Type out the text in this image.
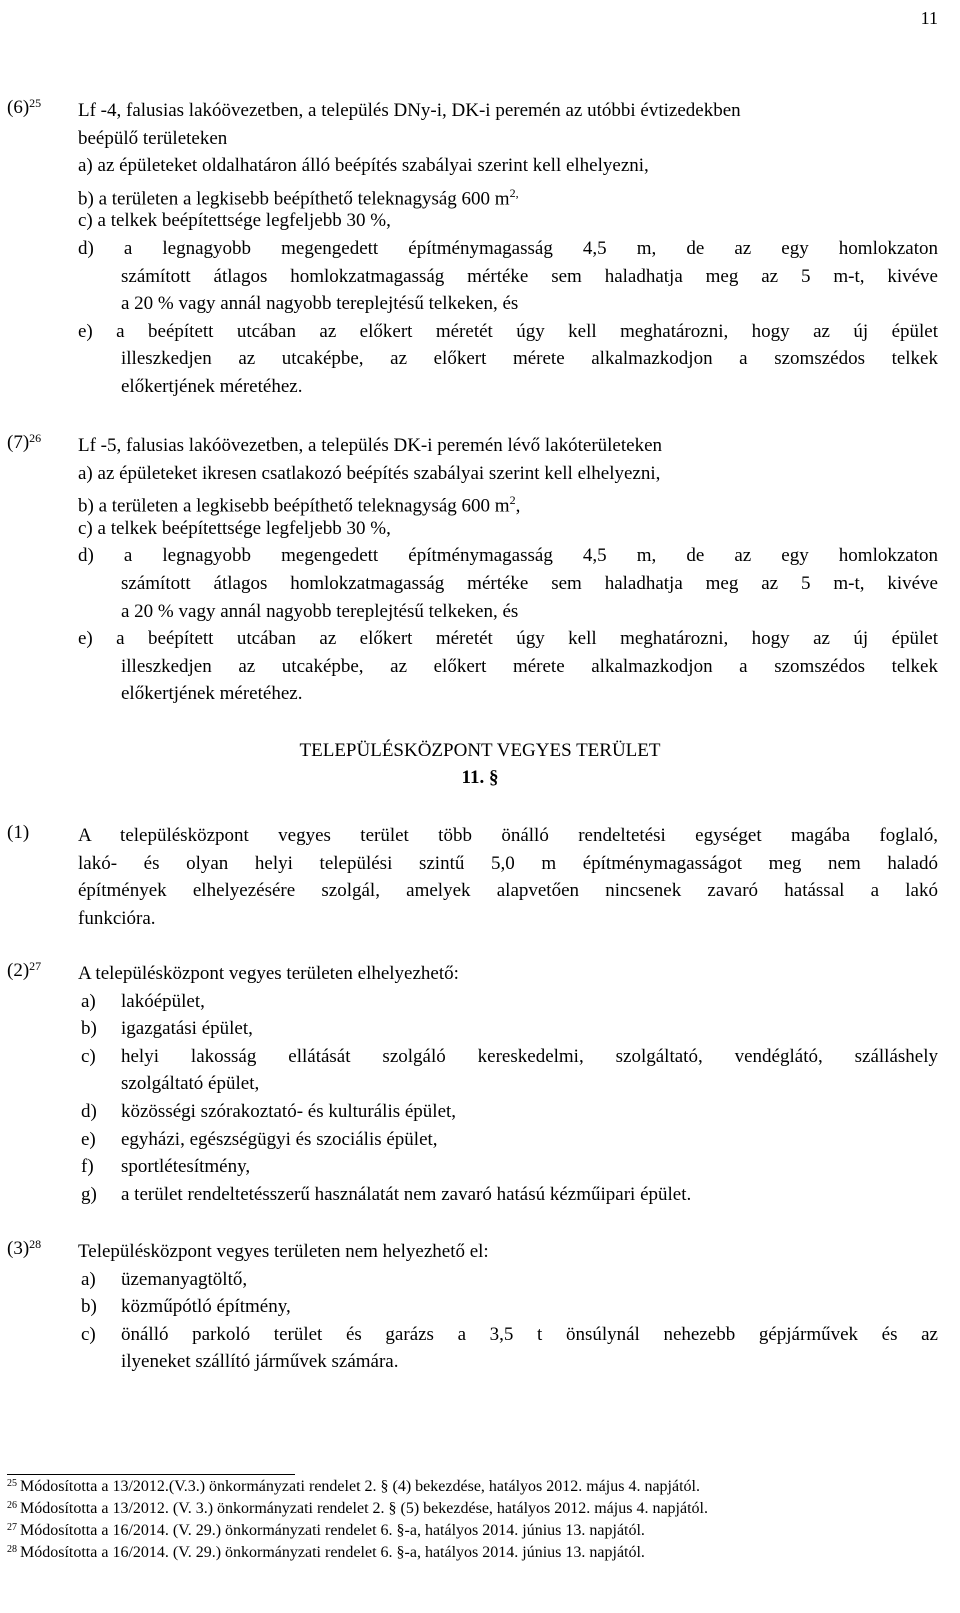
11
$(6)^{25}$ Lf -4, falusias lakóövezetben, a település DNy-i, DK-i peremén az utóbbi évtizedekben
beépülő területeken
a) az épületeket oldalhatáron álló beépítés szabályai szerint kell elhelyezni,
b) a területen a legkisebb beépíthető teleknagyság 600 $m^{2,}$
c) a telkek beépítettsége legfeljebb 30 %,
d) a legnagyobb megengedett építménymagasság 4,5 m, de az egy homlokzaton
számított átlagos homlokzatmagasság mértéke sem haladhatja meg az 5 m-t, kivéve
a 20 % vagy annál nagyobb tereplejtésű telkeken, és
e) a beépített utcában az előkert méretét úgy kell meghatározni, hogy az új épület
illeszkedjen az utcaképbe, az előkert mérete alkalmazkodjon a szomszédos telkek
előkertjének méretéhez.
$(7)^{26}$ Lf -5, falusias lakóövezetben, a település DK-i peremén lévő lakóterületeken
a) az épületeket ikresen csatlakozó beépítés szabályai szerint kell elhelyezni,
b) a területen a legkisebb beépíthető teleknagyság 600 $m^2$,
c) a telkek beépítettsége legfeljebb 30 %,
d) a legnagyobb megengedett építménymagasság 4,5 m, de az egy homlokzaton
számított átlagos homlokzatmagasság mértéke sem haladhatja meg az 5 m-t, kivéve
a 20 % vagy annál nagyobb tereplejtésű telkeken, és
e) a beépített utcában az előkert méretét úgy kell meghatározni, hogy az új épület
illeszkedjen az utcaképbe, az előkert mérete alkalmazkodjon a szomszédos telkek
előkertjének méretéhez.
TELEPÜLÉSKÖZPONT VEGYES TERÜLET
11. §
(1)	A településközpont vegyes terület több önálló rendeltetési egységet magába foglaló,
lakó- és olyan helyi települési szintű 5,0 m építménymagasságot meg nem haladó
építmények elhelyezésére szolgál, amelyek alapvetően nincsenek zavaró hatással a lakó
funkcióra.
$(2)^{27}$ A településközpont vegyes területen elhelyezhető:
a) lakóépület,
b) igazgatási épület,
c)	helyi lakosság ellátását szolgáló kereskedelmi, szolgáltató, vendéglátó, szálláshely
szolgáltató épület,
d) közösségi szórakoztató- és kulturális épület,
e) egyházi, egészségügyi és szociális épület,
f) sportlétesítmény,
g) a terület rendeltetésszerű használatát nem zavaró hatású kézműipari épület.
$(3)^{28}$ Településközpont vegyes területen nem helyezhető el:
a) üzemanyagtöltő,
b) közműpótló építmény,
c)	önálló parkoló terület és garázs a 3,5 t önsúlynál nehezebb gépjárművek és az
ilyeneket szállító járművek számára.
$^{25}$ Módosította a 13/2012.(V.3.) önkormányzati rendelet 2. § (4) bekezdése, hatályos 2012. május 4. napjától.
$^{26}$ Módosította a 13/2012. (V. 3.) önkormányzati rendelet 2. § (5) bekezdése, hatályos 2012. május 4. napjától.
$^{27}$ Módosította a 16/2014. (V. 29.) önkormányzati rendelet 6. §-a, hatályos 2014. június 13. napjától.
$^{28}$ Módosította a 16/2014. (V. 29.) önkormányzati rendelet 6. §-a, hatályos 2014. június 13. napjától.
